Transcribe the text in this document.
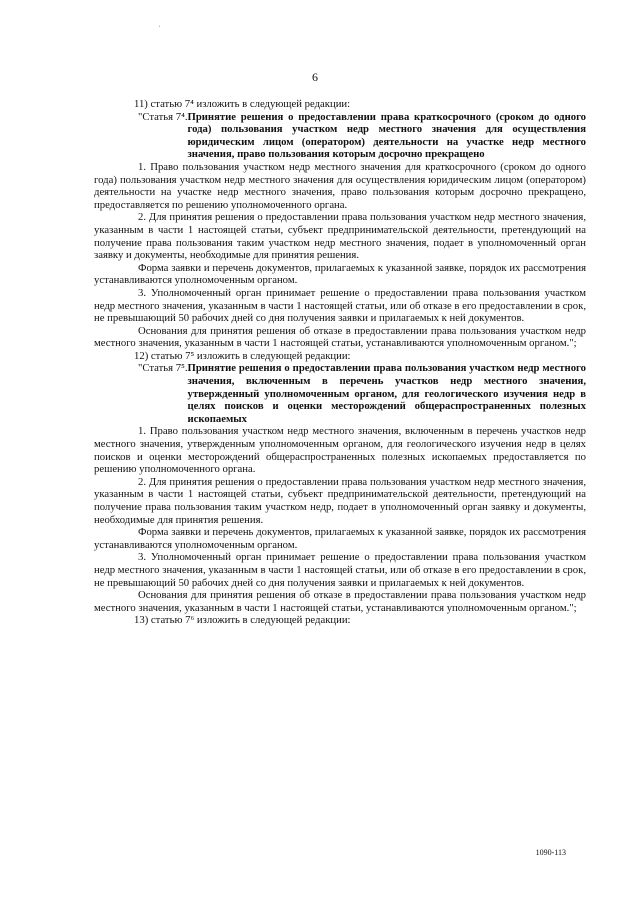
ˌ
6

11) статью 7⁴ изложить в следующей редакции:

"Статья 7⁴. Принятие решения о предоставлении права краткосрочного (сроком до одного года) пользования участком недр местного значения для осуществления юридическим лицом (оператором) деятельности на участке недр местного значения, право пользования которым досрочно прекращено

1. Право пользования участком недр местного значения для краткосрочного (сроком до одного года) пользования участком недр местного значения для осуществления юридическим лицом (оператором) деятельности на участке недр местного значения, право пользования которым досрочно прекращено, предоставляется по решению уполномоченного органа.

2. Для принятия решения о предоставлении права пользования участком недр местного значения, указанным в части 1 настоящей статьи, субъект предпринимательской деятельности, претендующий на получение права пользования таким участком недр местного значения, подает в уполномоченный орган заявку и документы, необходимые для принятия решения.

Форма заявки и перечень документов, прилагаемых к указанной заявке, порядок их рассмотрения устанавливаются уполномоченным органом.

3. Уполномоченный орган принимает решение о предоставлении права пользования участком недр местного значения, указанным в части 1 настоящей статьи, или об отказе в его предоставлении в срок, не превышающий 50 рабочих дней со дня получения заявки и прилагаемых к ней документов.

Основания для принятия решения об отказе в предоставлении права пользования участком недр местного значения, указанным в части 1 настоящей статьи, устанавливаются уполномоченным органом.";

12) статью 7⁵ изложить в следующей редакции:

"Статья 7⁵. Принятие решения о предоставлении права пользования участком недр местного значения, включенным в перечень участков недр местного значения, утвержденный уполномоченным органом, для геологического изучения недр в целях поисков и оценки месторождений общераспространенных полезных ископаемых

1. Право пользования участком недр местного значения, включенным в перечень участков недр местного значения, утвержденным уполномоченным органом, для геологического изучения недр в целях поисков и оценки месторождений общераспространенных полезных ископаемых предоставляется по решению уполномоченного органа.

2. Для принятия решения о предоставлении права пользования участком недр местного значения, указанным в части 1 настоящей статьи, субъект предпринимательской деятельности, претендующий на получение права пользования таким участком недр, подает в уполномоченный орган заявку и документы, необходимые для принятия решения.

Форма заявки и перечень документов, прилагаемых к указанной заявке, порядок их рассмотрения устанавливаются уполномоченным органом.

3. Уполномоченный орган принимает решение о предоставлении права пользования участком недр местного значения, указанным в части 1 настоящей статьи, или об отказе в его предоставлении в срок, не превышающий 50 рабочих дней со дня получения заявки и прилагаемых к ней документов.

Основания для принятия решения об отказе в предоставлении права пользования участком недр местного значения, указанным в части 1 настоящей статьи, устанавливаются уполномоченным органом.";

13) статью 7⁶ изложить в следующей редакции:

1090-113
